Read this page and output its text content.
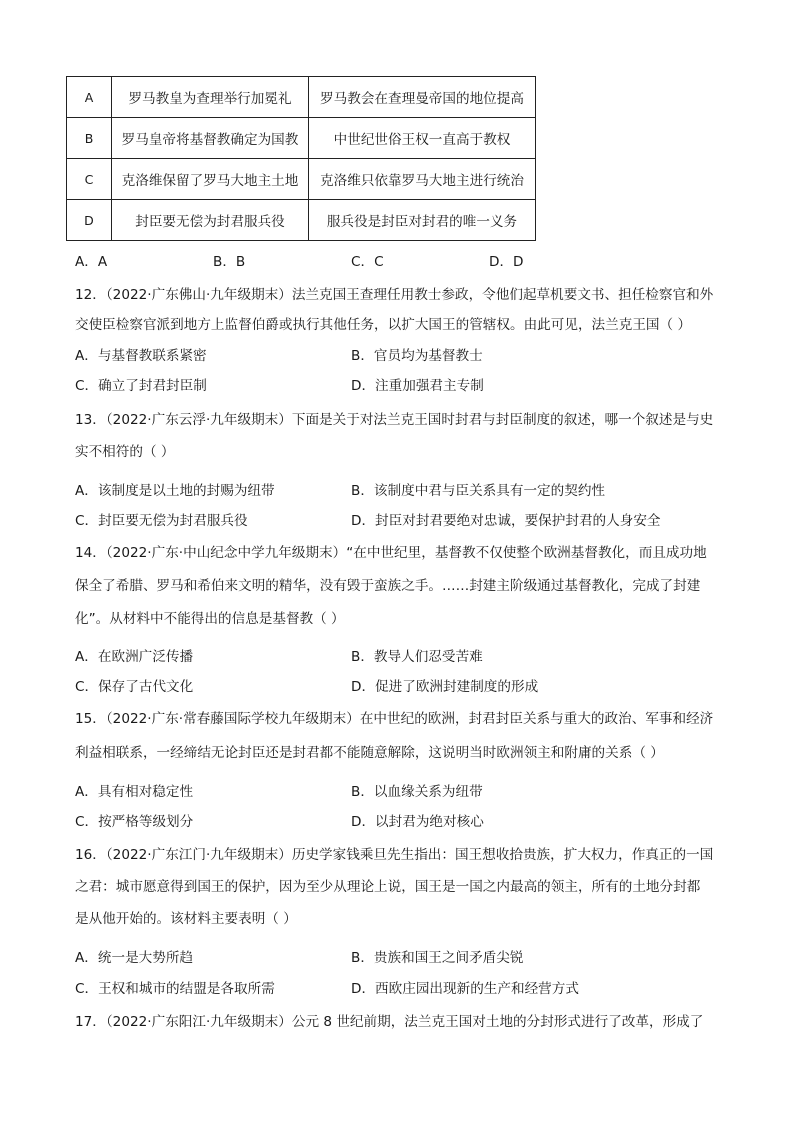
A	罗马教皇为查理举行加冕礼	罗马教会在查理曼帝国的地位提高
B	罗马皇帝将基督教确定为国教	中世纪世俗王权一直高于教权
C	克洛维保留了罗马大地主土地	克洛维只依靠罗马大地主进行统治
D	封臣要无偿为封君服兵役	服兵役是封臣对封君的唯一义务
A．A	B．B	C．C	D．D
12．（2022·广东佛山·九年级期末）法兰克国王查理任用教士参政，令他们起草机要文书、担任检察官和外
交使臣检察官派到地方上监督伯爵或执行其他任务，以扩大国王的管辖权。由此可见，法兰克王国（ ）
A．与基督教联系紧密	B．官员均为基督教士
C．确立了封君封臣制	D．注重加强君主专制
13．（2022·广东云浮·九年级期末）下面是关于对法兰克王国时封君与封臣制度的叙述，哪一个叙述是与史
实不相符的（ ）
A．该制度是以土地的封赐为纽带	B．该制度中君与臣关系具有一定的契约性
C．封臣要无偿为封君服兵役	D．封臣对封君要绝对忠诚，要保护封君的人身安全
14．（2022·广东·中山纪念中学九年级期末）“在中世纪里，基督教不仅使整个欧洲基督教化，而且成功地
保全了希腊、罗马和希伯来文明的精华，没有毁于蛮族之手。……封建主阶级通过基督教化，完成了封建
化”。从材料中不能得出的信息是基督教（ ）
A．在欧洲广泛传播	B．教导人们忍受苦难
C．保存了古代文化	D．促进了欧洲封建制度的形成
15．（2022·广东·常春藤国际学校九年级期末）在中世纪的欧洲，封君封臣关系与重大的政治、军事和经济
利益相联系，一经缔结无论封臣还是封君都不能随意解除，这说明当时欧洲领主和附庸的关系（ ）
A．具有相对稳定性	B．以血缘关系为纽带
C．按严格等级划分	D．以封君为绝对核心
16．（2022·广东江门·九年级期末）历史学家钱乘旦先生指出：国王想收拾贵族，扩大权力，作真正的一国
之君：城市愿意得到国王的保护，因为至少从理论上说，国王是一国之内最高的领主，所有的土地分封都
是从他开始的。该材料主要表明（ ）
A．统一是大势所趋	B．贵族和国王之间矛盾尖锐
C．王权和城市的结盟是各取所需	D．西欧庄园出现新的生产和经营方式
17．（2022·广东阳江·九年级期末）公元 8 世纪前期，法兰克王国对土地的分封形式进行了改革，形成了
